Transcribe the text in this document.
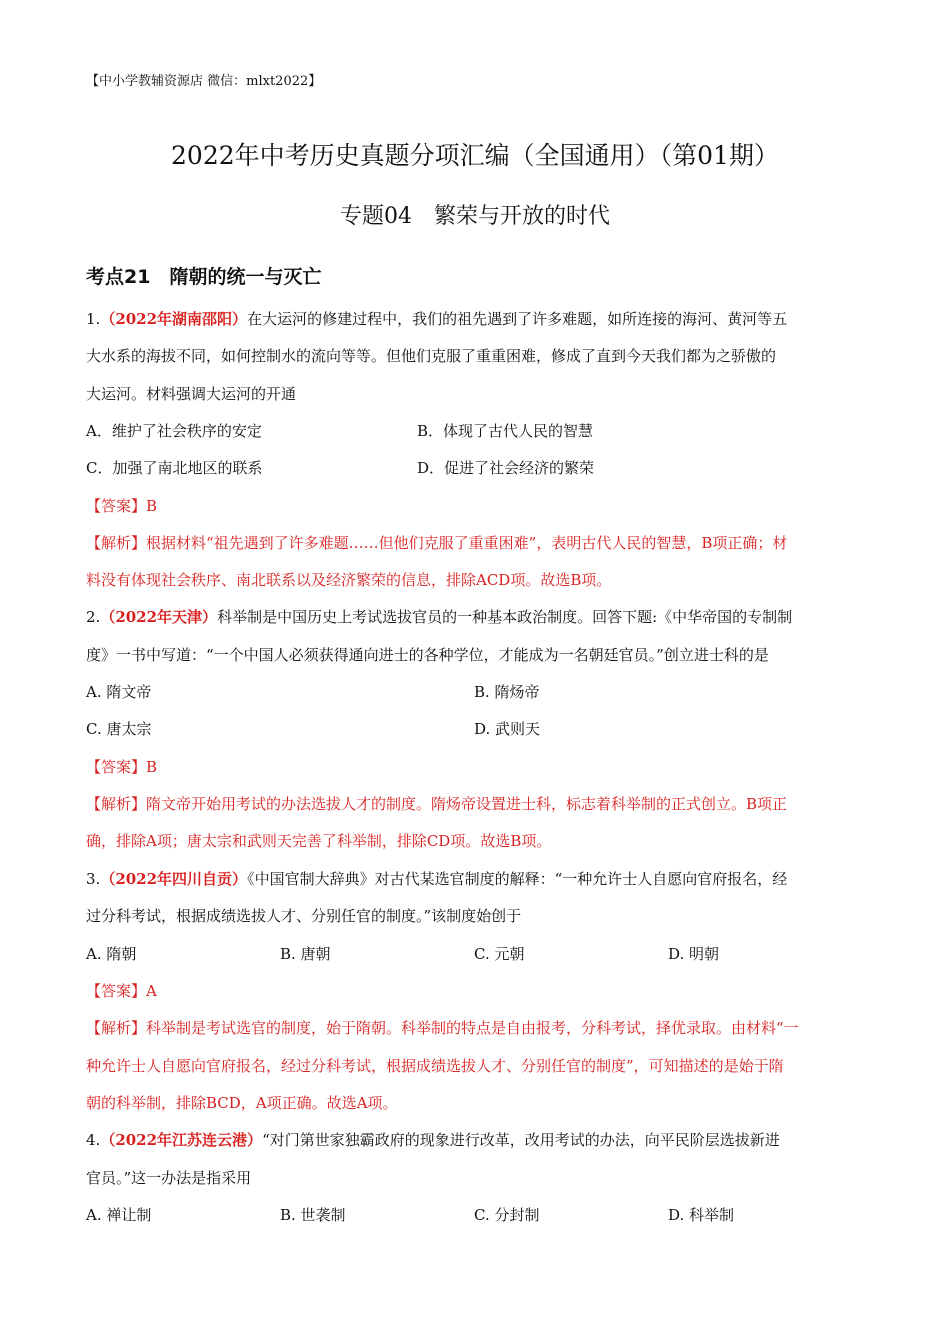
【中小学教辅资源店 微信：mlxt2022】
2022年中考历史真题分项汇编（全国通用）（第01期）
专题04　繁荣与开放的时代
考点21　隋朝的统一与灭亡
1.（2022年湖南邵阳）在大运河的修建过程中，我们的祖先遇到了许多难题，如所连接的海河、黄河等五
大水系的海拔不同，如何控制水的流向等等。但他们克服了重重困难，修成了直到今天我们都为之骄傲的
大运河。材料强调大运河的开通
A．维护了社会秩序的安定	B．体现了古代人民的智慧
C．加强了南北地区的联系	D．促进了社会经济的繁荣
【答案】B
【解析】根据材料“祖先遇到了许多难题……但他们克服了重重困难”，表明古代人民的智慧，B项正确；材
料没有体现社会秩序、南北联系以及经济繁荣的信息，排除ACD项。故选B项。
2.（2022年天津）科举制是中国历史上考试选拔官员的一种基本政治制度。回答下题:《中华帝国的专制制
度》一书中写道：“一个中国人必须获得通向进士的各种学位，才能成为一名朝廷官员。”创立进士科的是
A. 隋文帝	B. 隋炀帝
C. 唐太宗	D. 武则天
【答案】B
【解析】隋文帝开始用考试的办法选拔人才的制度。隋炀帝设置进士科，标志着科举制的正式创立。B项正
确，排除A项；唐太宗和武则天完善了科举制，排除CD项。故选B项。
3.（2022年四川自贡）《中国官制大辞典》对古代某选官制度的解释：“一种允许士人自愿向官府报名，经
过分科考试，根据成绩选拔人才、分别任官的制度。”该制度始创于
A. 隋朝	B. 唐朝	C. 元朝	D. 明朝
【答案】A
【解析】科举制是考试选官的制度，始于隋朝。科举制的特点是自由报考，分科考试，择优录取。由材料“一
种允许士人自愿向官府报名，经过分科考试，根据成绩选拔人才、分别任官的制度”，可知描述的是始于隋
朝的科举制，排除BCD，A项正确。故选A项。
4.（2022年江苏连云港）“对门第世家独霸政府的现象进行改革，改用考试的办法，向平民阶层选拔新进
官员。”这一办法是指采用
A. 禅让制	B. 世袭制	C. 分封制	D. 科举制
